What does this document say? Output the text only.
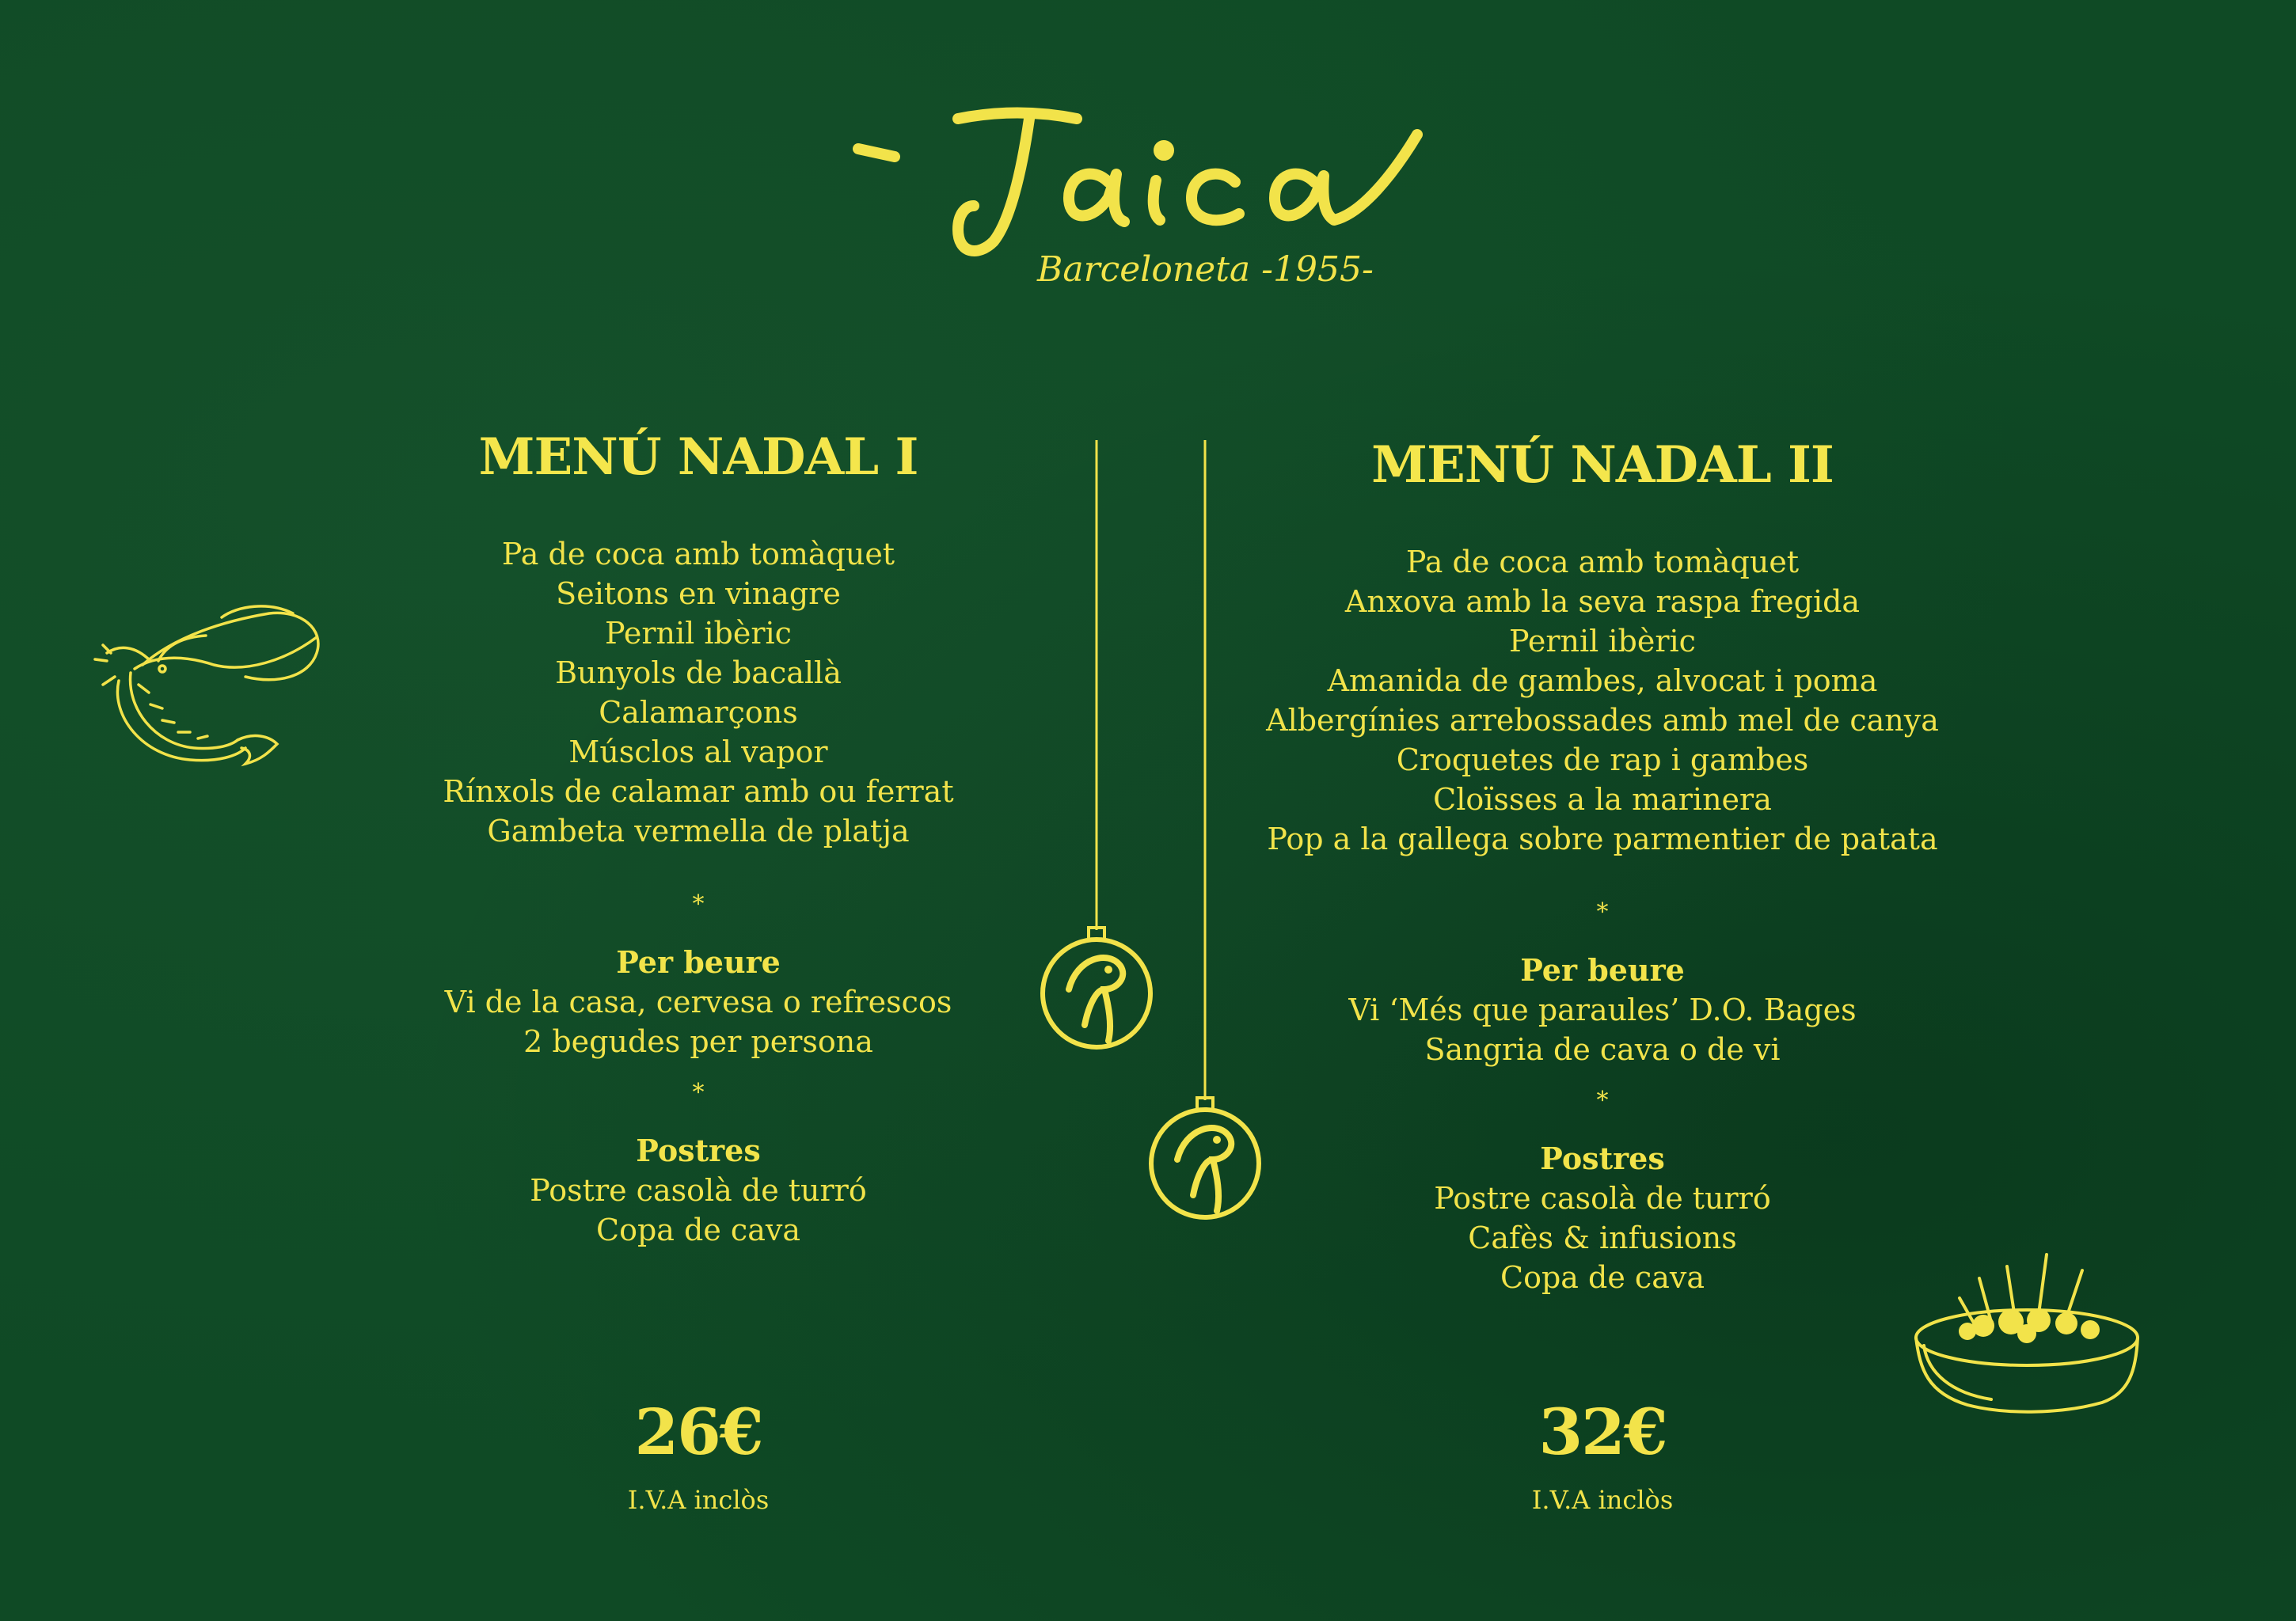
Barceloneta -1955-
Jaica
MENÚ NADAL I
Pa de coca amb tomàquet
Seitons en vinagre
Pernil ibèric
Bunyols de bacallà
Calamarçons
Músclos al vapor
Rínxols de calamar amb ou ferrat
Gambeta vermella de platja
*
Per beure
Vi de la casa, cervesa o refrescos
2 begudes per persona
*
Postres
Postre casolà de turró
Copa de cava
26€
I.V.A inclòs
MENÚ NADAL II
Pa de coca amb tomàquet
Anxova amb la seva raspa fregida
Pernil ibèric
Amanida de gambes, alvocat i poma
Albergínies arrebossades amb mel de canya
Croquetes de rap i gambes
Cloïsses a la marinera
Pop a la gallega sobre parmentier de patata
*
Per beure
Vi ‘Més que paraules’ D.O. Bages
Sangria de cava o de vi
*
Postres
Postre casolà de turró
Cafès & infusions
Copa de cava
32€
I.V.A inclòs
